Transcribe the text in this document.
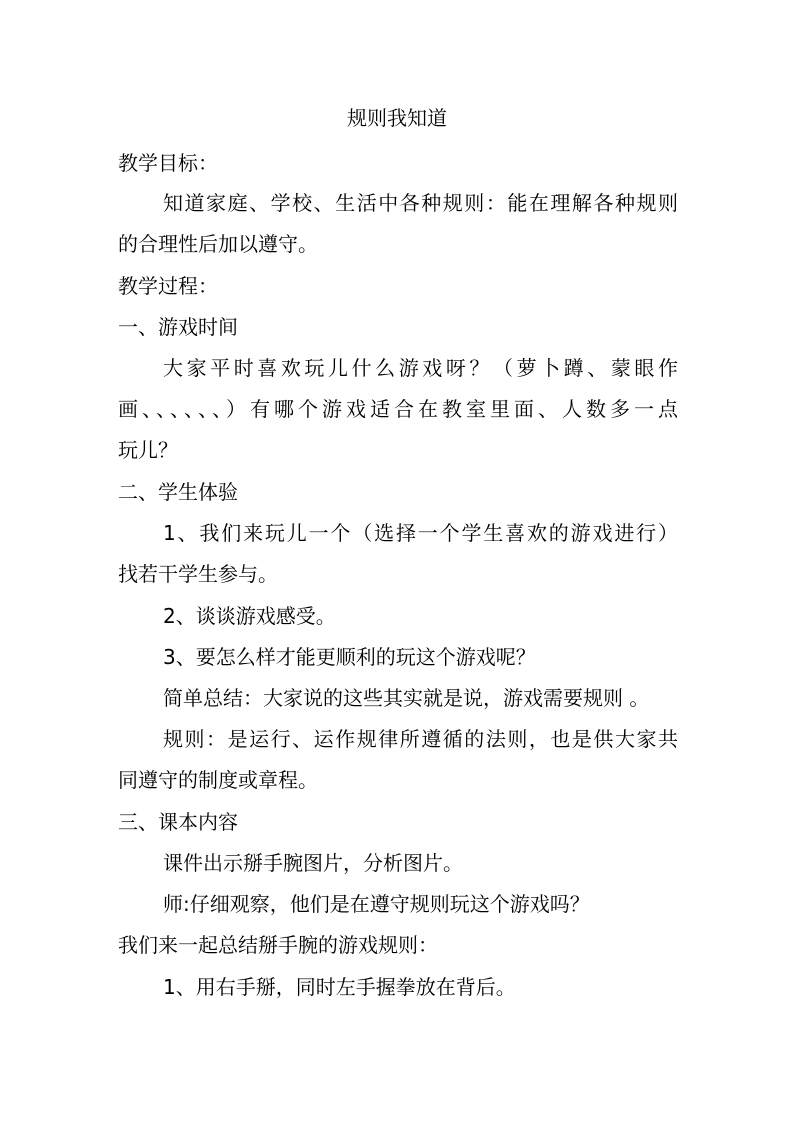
规则我知道
教学目标：
知道家庭、学校、生活中各种规则：能在理解各种规则
的合理性后加以遵守。
教学过程：
一、游戏时间
大家平时喜欢玩儿什么游戏呀？（萝卜蹲、蒙眼作
画、、、、、、）有哪个游戏适合在教室里面、人数多一点
玩儿？
二、学生体验
1、我们来玩儿一个（选择一个学生喜欢的游戏进行）
找若干学生参与。
2、谈谈游戏感受。
3、要怎么样才能更顺利的玩这个游戏呢？
简单总结：大家说的这些其实就是说，游戏需要规则 。
规则：是运行、运作规律所遵循的法则，也是供大家共
同遵守的制度或章程。
三、课本内容
课件出示掰手腕图片，分析图片。
师:仔细观察，他们是在遵守规则玩这个游戏吗？
我们来一起总结掰手腕的游戏规则：
1、用右手掰，同时左手握拳放在背后。
